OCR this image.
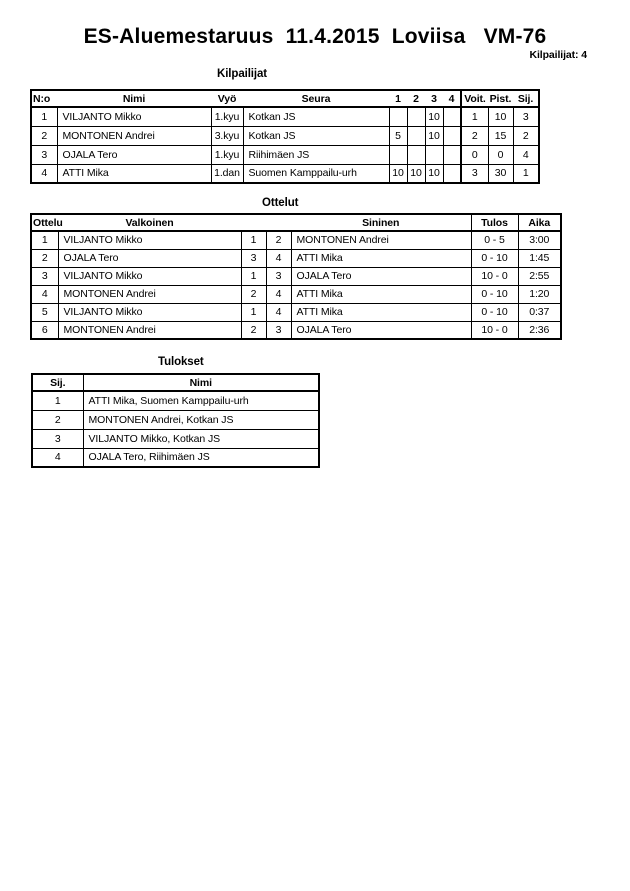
ES-Aluemestaruus  11.4.2015  Loviisa   VM-76
Kilpailijat: 4
Kilpailijat
N:o	Nimi	Vyö	Seura	1	2	3	4	Voit.	Pist.	Sij.
1	VILJANTO Mikko	1.kyu	Kotkan JS			10		1	10	3
2	MONTONEN Andrei	3.kyu	Kotkan JS	5		10		2	15	2
3	OJALA Tero	1.kyu	Riihimäen JS					0	0	4
4	ATTI Mika	1.dan	Suomen Kamppailu-urh	10	10	10		3	30	1
Ottelut
Ottelu	Valkoinen			Sininen	Tulos	Aika
1	VILJANTO Mikko	1	2	MONTONEN Andrei	0 - 5	3:00
2	OJALA Tero	3	4	ATTI Mika	0 - 10	1:45
3	VILJANTO Mikko	1	3	OJALA Tero	10 - 0	2:55
4	MONTONEN Andrei	2	4	ATTI Mika	0 - 10	1:20
5	VILJANTO Mikko	1	4	ATTI Mika	0 - 10	0:37
6	MONTONEN Andrei	2	3	OJALA Tero	10 - 0	2:36
Tulokset
Sij.	Nimi
1	ATTI Mika, Suomen Kamppailu-urh
2	MONTONEN Andrei, Kotkan JS
3	VILJANTO Mikko, Kotkan JS
4	OJALA Tero, Riihimäen JS
